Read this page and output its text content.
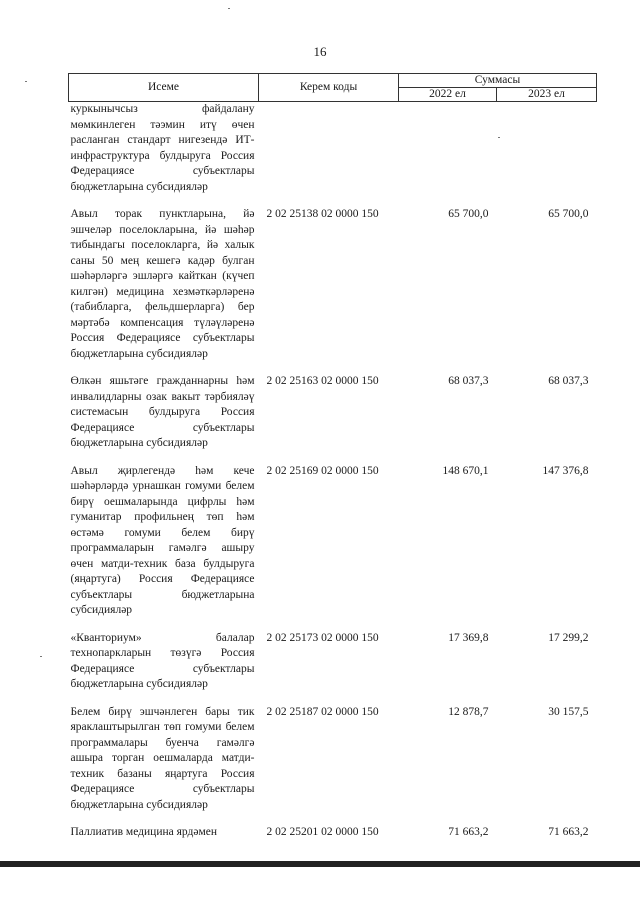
16
Исеме	Керем коды	Суммасы	
		2022 ел	2023 ел
куркынычсыз файдалану мөмкинлеген тәэмин итү өчен расланган стандарт нигезендә ИТ-инфраструктура булдыруга Россия Федерациясе субъектлары бюджетларына субсидияләр			

Авыл торак пунктларына, йә эшчеләр поселокларына, йә шәһәр тибындагы поселокларга, йә халык саны 50 мең кешегә кадәр булган шәһәрләргә эшләргә кайткан (күчеп килгән) медицина хезмәткәрләренә (табибларга, фельдшерларга) бер мәртәбә компенсация түләүләренә Россия Федерациясе субъектлары бюджетларына субсидияләр	2 02 25138 02 0000 150	65 700,0	65 700,0

Өлкән яшьтәге гражданнарны һәм инвалидларны озак вакыт тәрбияләү системасын булдыруга Россия Федерациясе субъектлары бюджетларына субсидияләр	2 02 25163 02 0000 150	68 037,3	68 037,3

Авыл җирлегендә һәм кече шәһәрләрдә урнашкан гомуми белем бирү оешмаларында цифрлы һәм гуманитар профильнең төп һәм өстәмә гомуми белем бирү программаларын гамәлгә ашыру өчен матди-техник база булдыруга (яңартуга) Россия Федерациясе субъектлары бюджетларына субсидияләр	2 02 25169 02 0000 150	148 670,1	147 376,8

«Кванториум» балалар технопаркларын төзүгә Россия Федерациясе субъектлары бюджетларына субсидияләр	2 02 25173 02 0000 150	17 369,8	17 299,2

Белем бирү эшчәнлеген бары тик яраклаштырылган төп гомуми белем программалары буенча гамәлгә ашыра торган оешмаларда матди-техник базаны яңартуга Россия Федерациясе субъектлары бюджетларына субсидияләр	2 02 25187 02 0000 150	12 878,7	30 157,5

Паллиатив медицина ярдәмен	2 02 25201 02 0000 150	71 663,2	71 663,2
